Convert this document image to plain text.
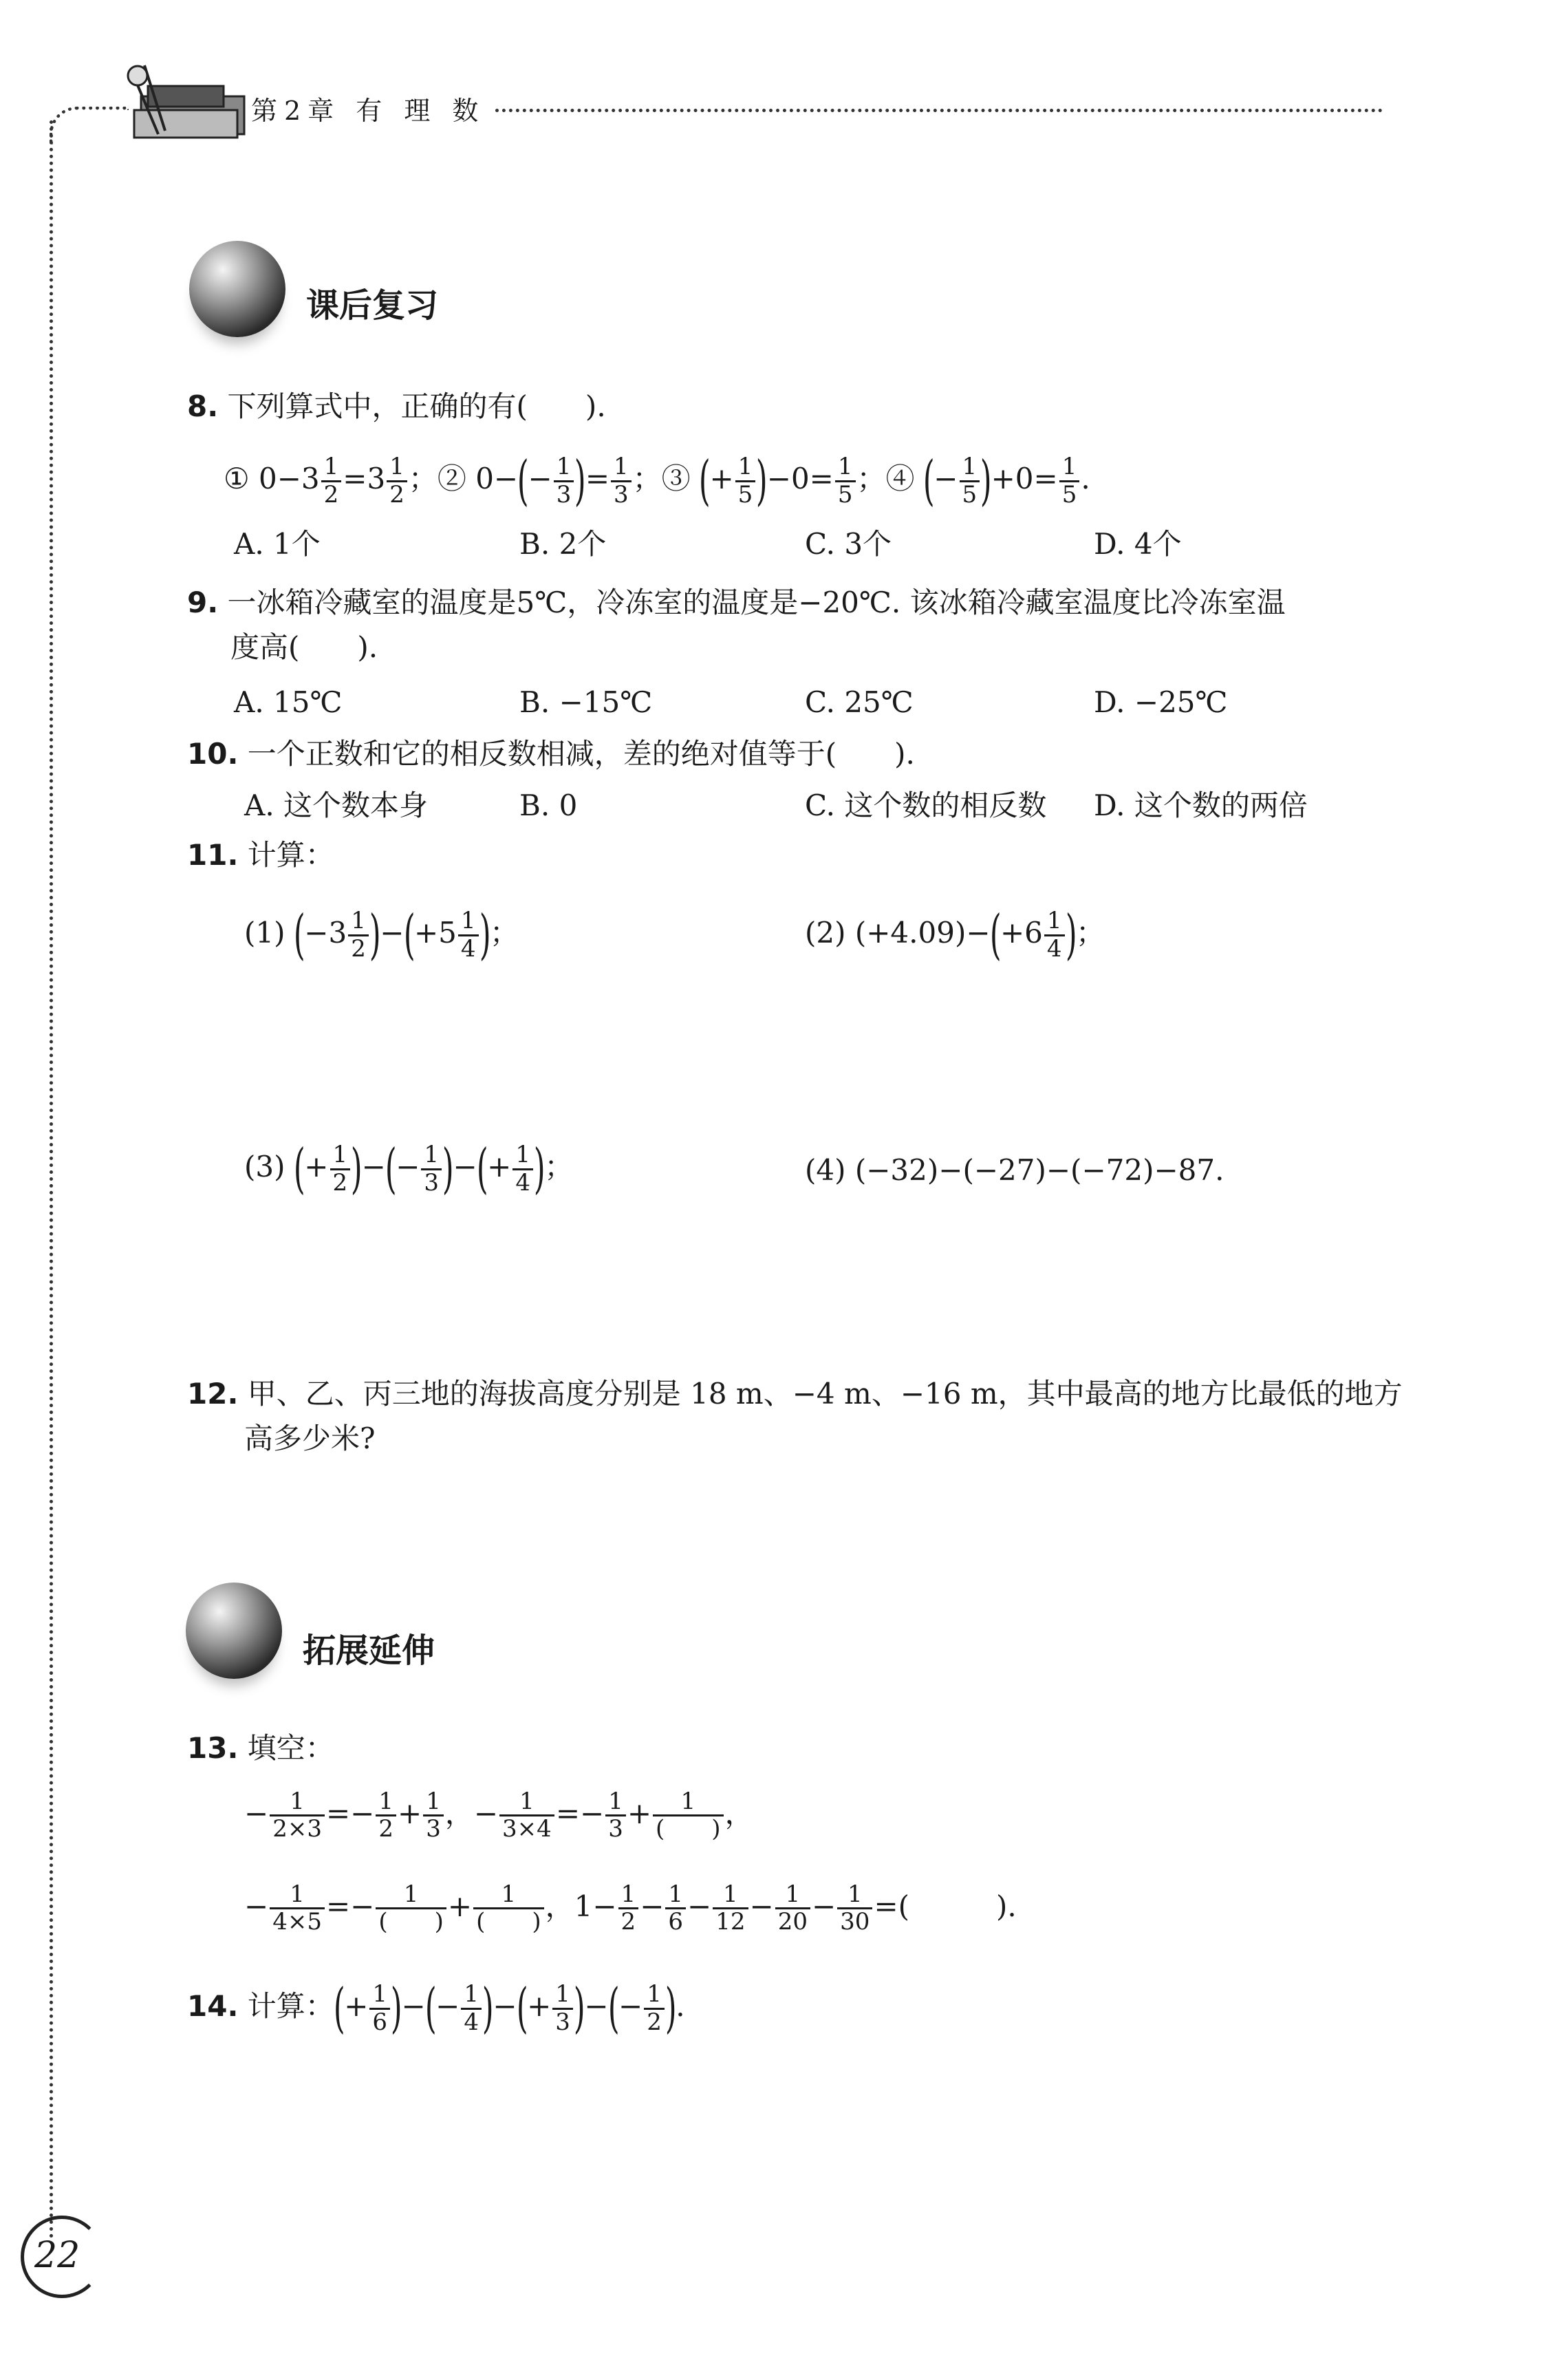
第2章 有 理 数
课后复习
8. 下列算式中，正确的有(　　).
① $0-3 \frac{1}{2} =3 \frac{1}{2}$ ；② $0-(- \frac{1}{3}$ )= $\frac{1}{3}$ ；③ (+ $\frac{1}{5} )-0= \frac{1}{5}$ ；④ (− $\frac{1}{5} )+0= \frac{1}{5}$ .
A. 1个	B. 2个	C. 3个	D. 4个
9. 一冰箱冷藏室的温度是5℃，冷冻室的温度是−20℃. 该冰箱冷藏室温度比冷冻室温
度高(　　).
A. 15℃	B. −15℃	C. 25℃	D. −25℃
10. 一个正数和它的相反数相减，差的绝对值等于(　　).
A. 这个数本身	B. 0	C. 这个数的相反数 D. 这个数的两倍
11. 计算：
(1) $(-3 \frac{1}{2} )-(+5 \frac{1}{4}$ )；	(2) $(+4.09)-(+6 \frac{1}{4}$ )；
(3) (+ $\frac{1}{2}$ )−(− $\frac{1}{3}$ )−(+ $\frac{1}{4}$ )；	(4) (−32)−(−27)−(−72)−87.
12. 甲、乙、丙三地的海拔高度分别是 18 m、−4 m、−16 m，其中最高的地方比最低的地方
高多少米?
拓展延伸
13. 填空：
− $\frac{1}{2\times 3} =- \frac{1}{2} + \frac{1}{3}$ ，− $\frac{1}{3\times 4} =- \frac{1}{3} + \frac{1}{( )}$ ，
− $\frac{1}{4\times 5} =- \frac{1}{( )} + \frac{1}{( )}$ ，$1- \frac{1}{2} - \frac{1}{6} - \frac{1}{12} - \frac{1}{20} - \frac{1}{30}$ =(　　　).
14. 计算：(+ $\frac{1}{6}$ )−(− $\frac{1}{4}$ )−(+ $\frac{1}{3}$ )−(− $\frac{1}{2}$ ).
22
